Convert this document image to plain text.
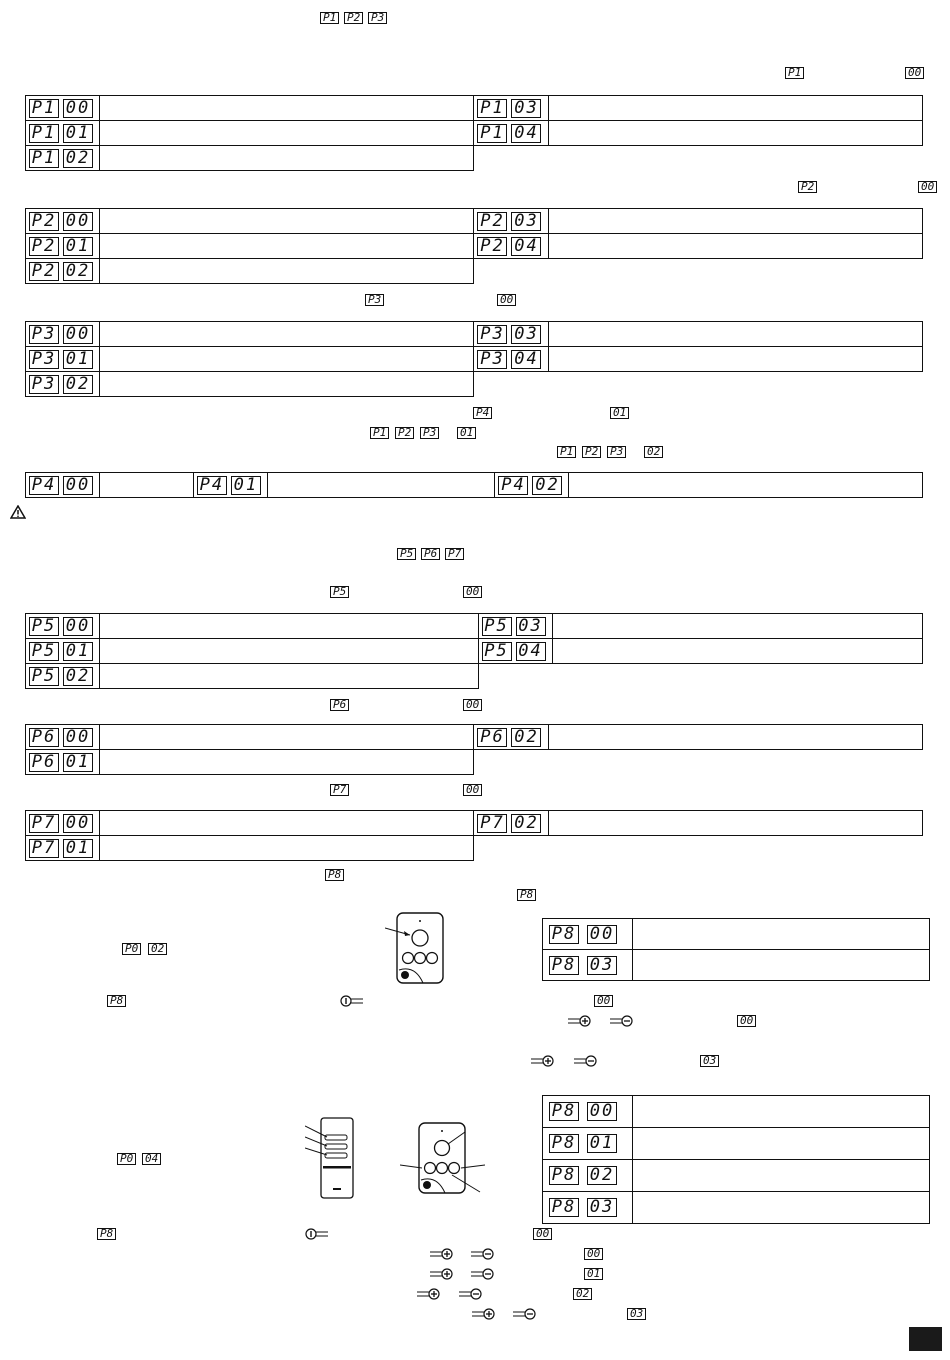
P1 P2 P3
P1	00
P1 00		P1 03	

P1 01		P1 04	

P1 02			

P2	00
P2 00		P2 03	

P2 01		P2 04	

P2 02			

P3	00
P3 00		P3 03	

P3 01		P3 04	

P3 02			

P4	01
P1 P2 P3 01
P1 P2 P3 02
P4 00		P4 01		P4 02

P5 P6 P7
P5	00
P5 00		P5 03	

P5 01		P5 04	

P5 02			

P6	00
P6 00		P6 02	

P6 01			

P7	00
P7 00		P7 02	

P7 01			

P8
P8
P0 02
P8 00	

P8 03	

P8	00
00
03
P0 04
P8 00	

P8 01	

P8 02	

P8 03	

P8	00
00
01
02
03
